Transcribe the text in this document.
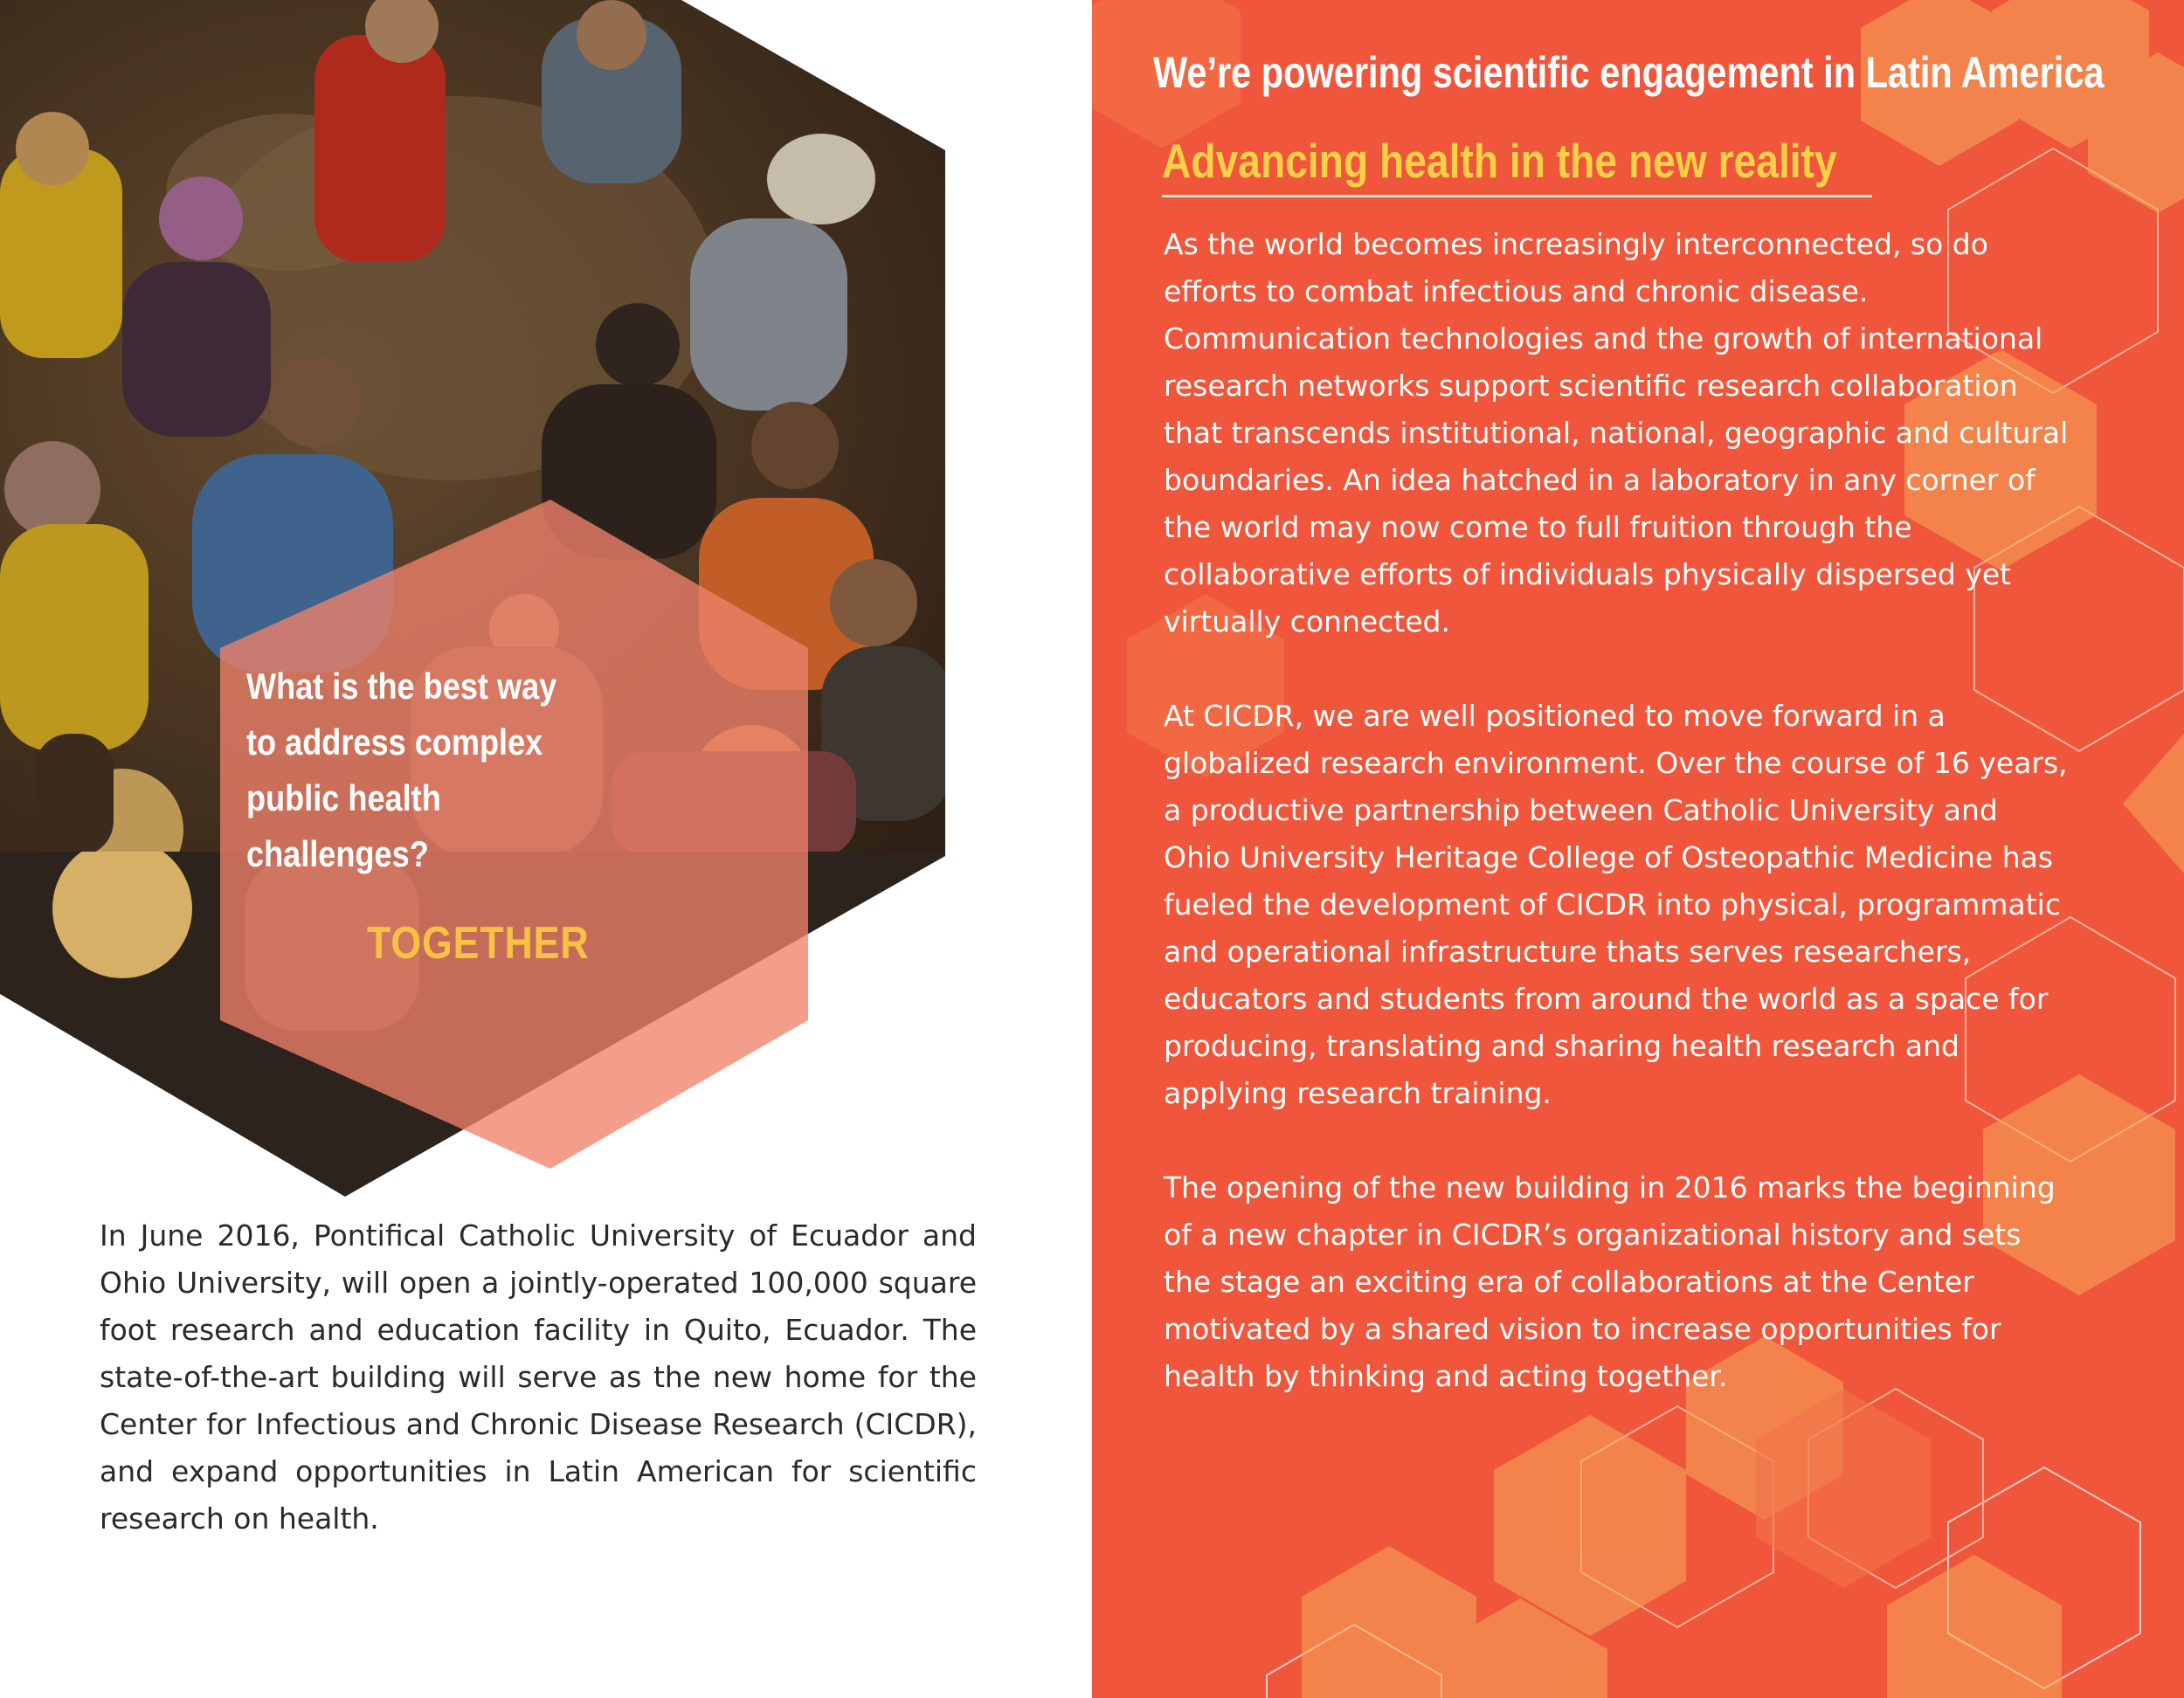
What is the best way
to address complex
public health
challenges?

TOGETHER

In June 2016, Pontifical Catholic University of Ecuador and Ohio University, will open a jointly-operated 100,000 square foot research and education facility in Quito, Ecuador. The state-of-the-art building will serve as the new home for the Center for Infectious and Chronic Disease Research (CICDR), and expand opportunities in Latin American for scientific research on health.

We’re powering scientific engagement in Latin America
Advancing health in the new reality

As the world becomes increasingly interconnected, so do efforts to combat infectious and chronic disease. Communication technologies and the growth of international research networks support scientific research collaboration that transcends institutional, national, geographic and cultural boundaries. An idea hatched in a laboratory in any corner of the world may now come to full fruition through the collaborative efforts of individuals physically dispersed yet virtually connected.

At CICDR, we are well positioned to move forward in a globalized research environment. Over the course of 16 years, a productive partnership between Catholic University and Ohio University Heritage College of Osteopathic Medicine has fueled the development of CICDR into physical, programmatic and operational infrastructure thats serves researchers, educators and students from around the world as a space for producing, translating and sharing health research and applying research training.

The opening of the new building in 2016 marks the beginning of a new chapter in CICDR’s organizational history and sets the stage an exciting era of collaborations at the Center motivated by a shared vision to increase opportunities for health by thinking and acting together.
